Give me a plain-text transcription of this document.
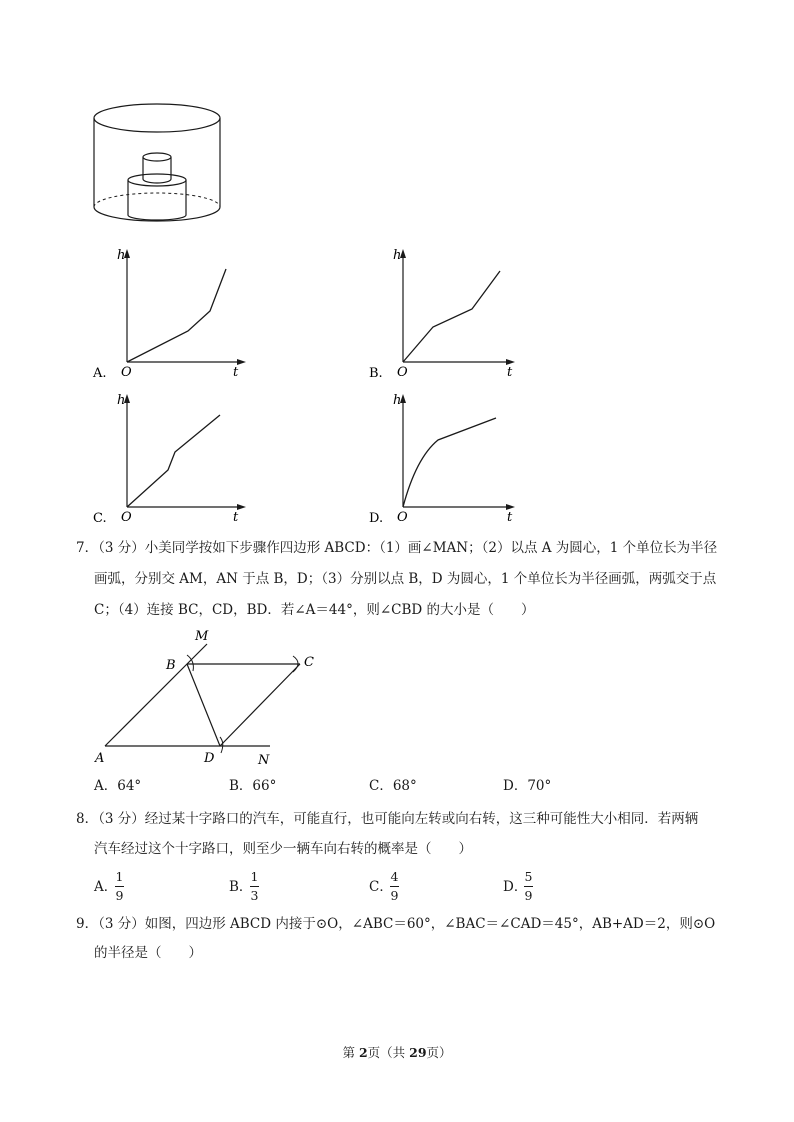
h
O	t
A.
h
O	t
B.
h
O	t
C.
h
O	t
D.
7．（3 分）小美同学按如下步骤作四边形 ABCD：（1）画∠MAN；（2）以点 A 为圆心，1 个单位长为半径
画弧，分别交 AM，AN 于点 B，D；（3）分别以点 B，D 为圆心，1 个单位长为半径画弧，两弧交于点
C；（4）连接 BC，CD，BD．若∠A＝44°，则∠CBD 的大小是（　　）
M
B	C
A	D	N
A．64°	B．66°	C．68°	D．70°
8．（3 分）经过某十字路口的汽车，可能直行，也可能向左转或向右转，这三种可能性大小相同．若两辆
汽车经过这个十字路口，则至少一辆车向右转的概率是（　　）
A．
1
9
B．
1
3
C．
4
9
D．
5
9
9．（3 分）如图，四边形 ABCD 内接于⊙O，∠ABC＝60°，∠BAC＝∠CAD＝45°，AB+AD＝2，则⊙O
的半径是（　　）
第 2页（共 29页）
